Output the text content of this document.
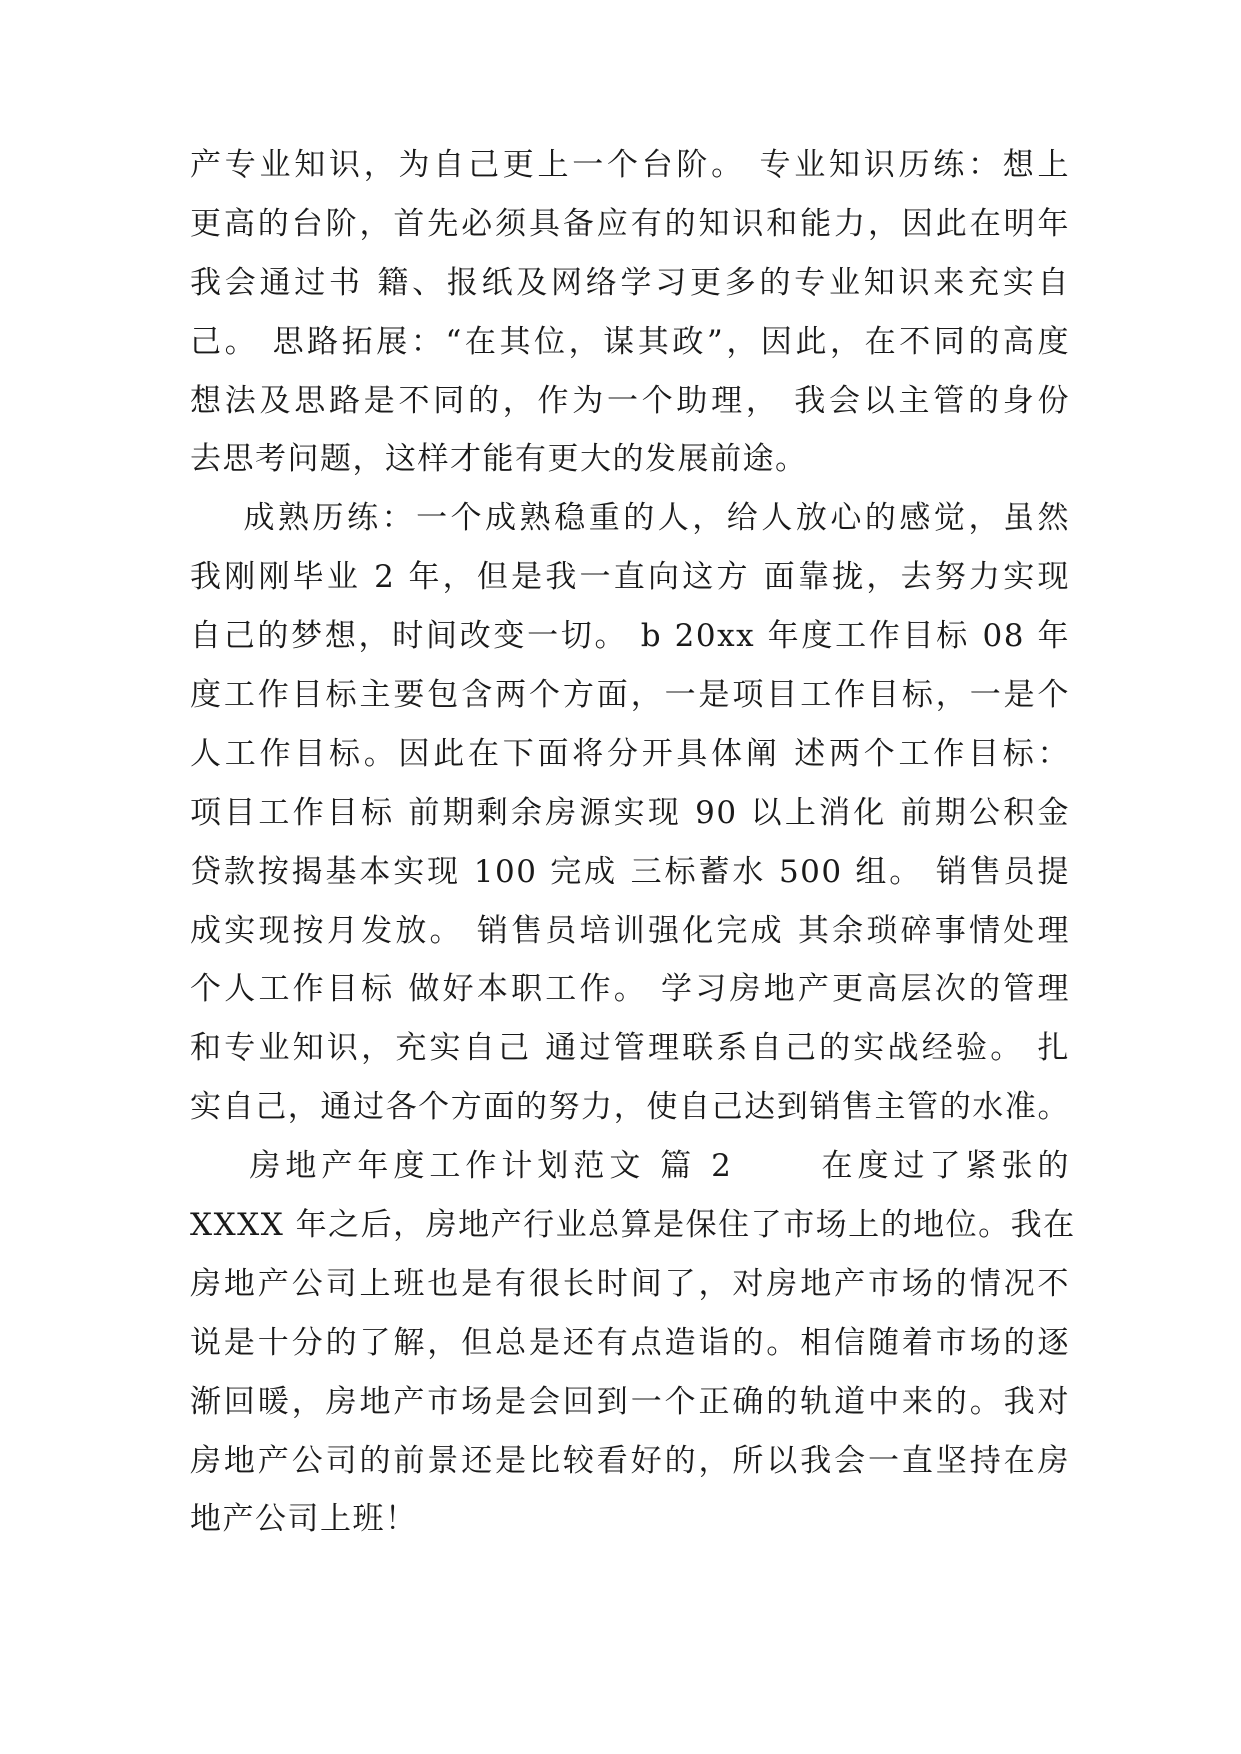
产专业知识，为自己更上一个台阶。 专业知识历练：想上
更高的台阶，首先必须具备应有的知识和能力，因此在明年
我会通过书 籍、报纸及网络学习更多的专业知识来充实自
己。 思路拓展：“在其位，谋其政”，因此，在不同的高度
想法及思路是不同的，作为一个助理， 我会以主管的身份
去思考问题，这样才能有更大的发展前途。
成熟历练：一个成熟稳重的人，给人放心的感觉，虽然
我刚刚毕业 2 年，但是我一直向这方 面靠拢，去努力实现
自己的梦想，时间改变一切。 b 20xx 年度工作目标 08 年
度工作目标主要包含两个方面，一是项目工作目标，一是个
人工作目标。因此在下面将分开具体阐 述两个工作目标：
项目工作目标 前期剩余房源实现 90 以上消化 前期公积金
贷款按揭基本实现 100 完成 三标蓄水 500 组。 销售员提
成实现按月发放。 销售员培训强化完成 其余琐碎事情处理
个人工作目标 做好本职工作。 学习房地产更高层次的管理
和专业知识，充实自己 通过管理联系自己的实战经验。 扎
实自己，通过各个方面的努力，使自己达到销售主管的水准。
房地产年度工作计划范文 篇 2      在度过了紧张的
XXXX 年之后，房地产行业总算是保住了市场上的地位。我在
房地产公司上班也是有很长时间了，对房地产市场的情况不
说是十分的了解，但总是还有点造诣的。相信随着市场的逐
渐回暖，房地产市场是会回到一个正确的轨道中来的。我对
房地产公司的前景还是比较看好的，所以我会一直坚持在房
地产公司上班！
